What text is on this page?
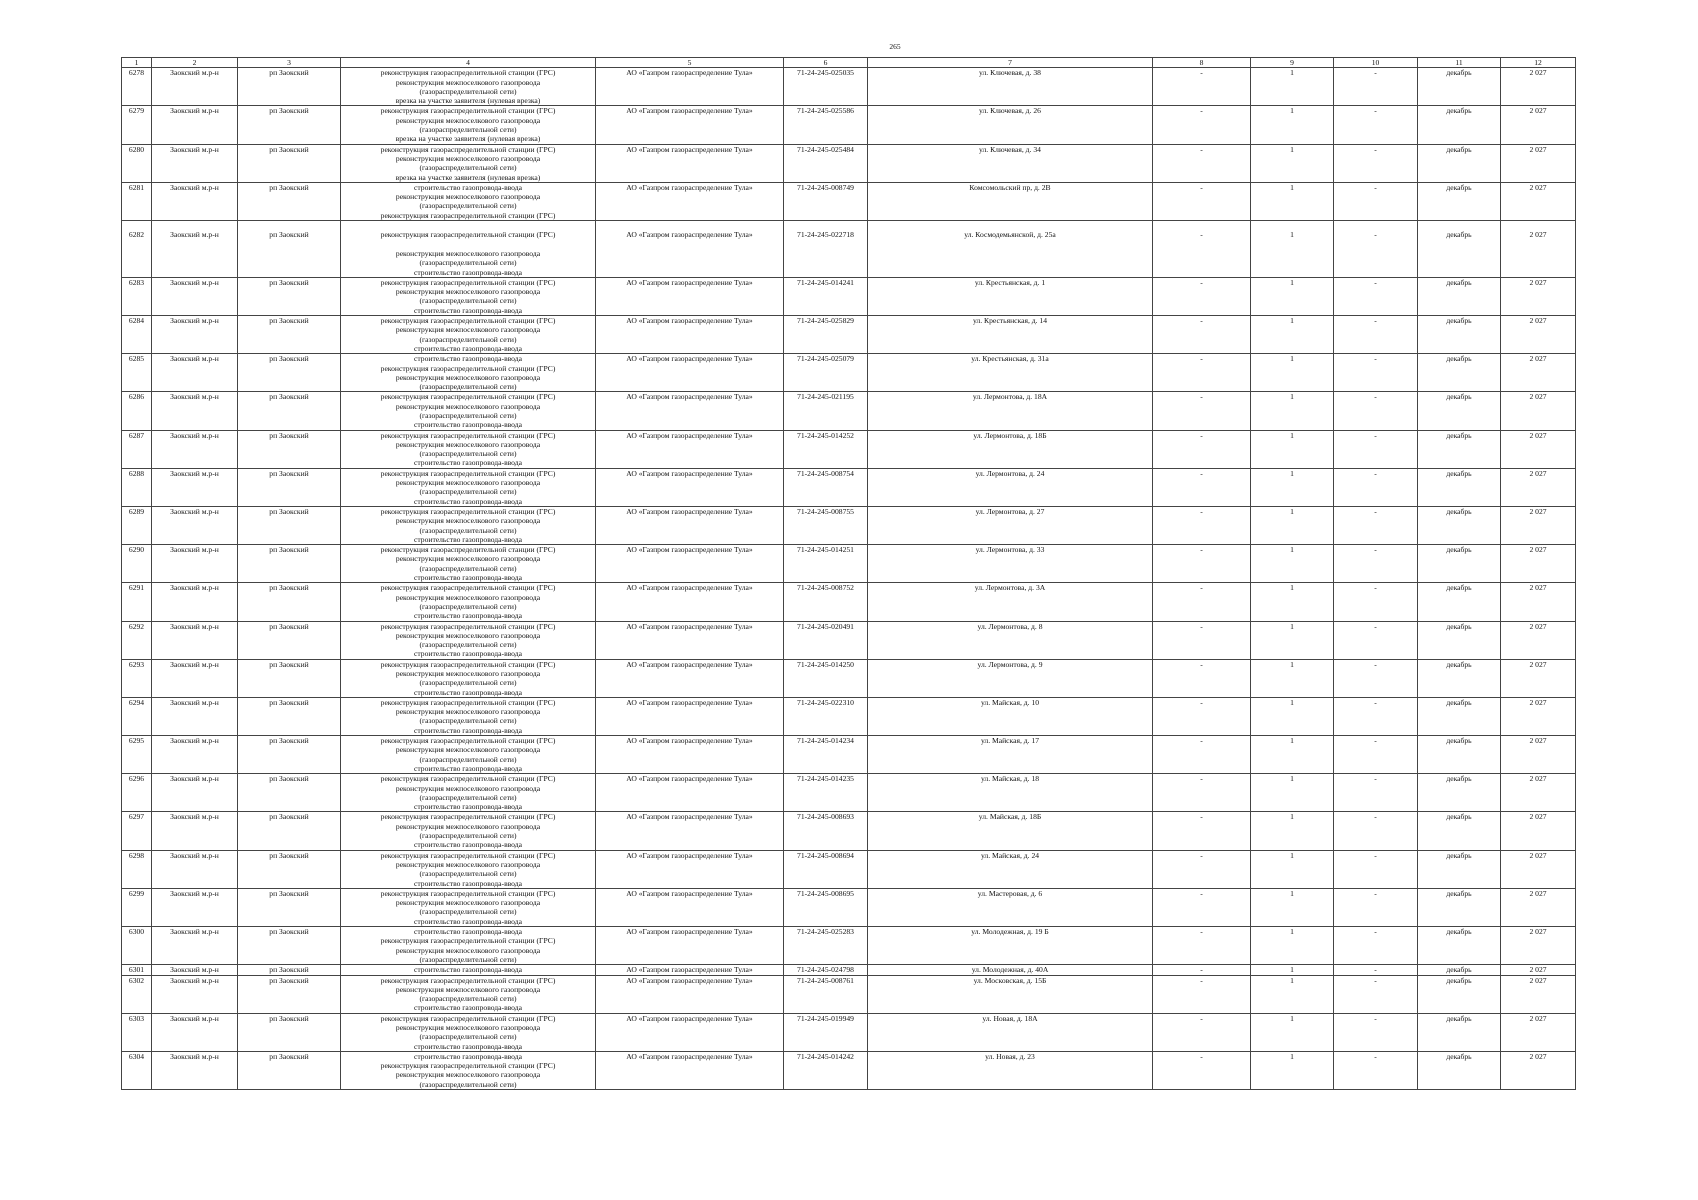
265
1	2	3	4	5	6	7	8	9	10	11	12
6278	Заокский м.р-н	рп Заокский	реконструкция газораспределительной станции (ГРС)	АО «Газпром газораспределение Тула»	71-24-245-025035	ул. Ключевая, д. 38	-	1	-	декабрь	2 027
			реконструкция межпоселкового газопровода								
			(газораспределительной сети)								
			врезка на участке заявителя (нулевая врезка)								
6279	Заокский м.р-н	рп Заокский	реконструкция газораспределительной станции (ГРС)	АО «Газпром газораспределение Тула»	71-24-245-025586	ул. Ключевая, д. 26	-	1	-	декабрь	2 027
			реконструкция межпоселкового газопровода								
			(газораспределительной сети)								
			врезка на участке заявителя (нулевая врезка)								
6280	Заокский м.р-н	рп Заокский	реконструкция газораспределительной станции (ГРС)	АО «Газпром газораспределение Тула»	71-24-245-025484	ул. Ключевая, д. 34	-	1	-	декабрь	2 027
			реконструкция межпоселкового газопровода								
			(газораспределительной сети)								
			врезка на участке заявителя (нулевая врезка)								
6281	Заокский м.р-н	рп Заокский	строительство газопровода-ввода	АО «Газпром газораспределение Тула»	71-24-245-008749	Комсомольский пр, д. 2В	-	1	-	декабрь	2 027
			реконструкция межпоселкового газопровода								
			(газораспределительной сети)								
			реконструкция газораспределительной станции (ГРС)								

6282	Заокский м.р-н	рп Заокский	реконструкция газораспределительной станции (ГРС)	АО «Газпром газораспределение Тула»	71-24-245-022718	ул. Космодемьянской, д. 25а	-	1	-	декабрь	2 027

			реконструкция межпоселкового газопровода								
			(газораспределительной сети)								
			строительство газопровода-ввода								
6283	Заокский м.р-н	рп Заокский	реконструкция газораспределительной станции (ГРС)	АО «Газпром газораспределение Тула»	71-24-245-014241	ул. Крестьянская, д. 1	-	1	-	декабрь	2 027
			реконструкция межпоселкового газопровода								
			(газораспределительной сети)								
			строительство газопровода-ввода								
6284	Заокский м.р-н	рп Заокский	реконструкция газораспределительной станции (ГРС)	АО «Газпром газораспределение Тула»	71-24-245-025829	ул. Крестьянская, д. 14	-	1	-	декабрь	2 027
			реконструкция межпоселкового газопровода								
			(газораспределительной сети)								
			строительство газопровода-ввода								
6285	Заокский м.р-н	рп Заокский	строительство газопровода-ввода	АО «Газпром газораспределение Тула»	71-24-245-025079	ул. Крестьянская, д. 31а	-	1	-	декабрь	2 027
			реконструкция газораспределительной станции (ГРС)								
			реконструкция межпоселкового газопровода								
			(газораспределительной сети)								
6286	Заокский м.р-н	рп Заокский	реконструкция газораспределительной станции (ГРС)	АО «Газпром газораспределение Тула»	71-24-245-021195	ул. Лермонтова, д. 18А	-	1	-	декабрь	2 027
			реконструкция межпоселкового газопровода								
			(газораспределительной сети)								
			строительство газопровода-ввода								
6287	Заокский м.р-н	рп Заокский	реконструкция газораспределительной станции (ГРС)	АО «Газпром газораспределение Тула»	71-24-245-014252	ул. Лермонтова, д. 18Б	-	1	-	декабрь	2 027
			реконструкция межпоселкового газопровода								
			(газораспределительной сети)								
			строительство газопровода-ввода								
6288	Заокский м.р-н	рп Заокский	реконструкция газораспределительной станции (ГРС)	АО «Газпром газораспределение Тула»	71-24-245-008754	ул. Лермонтова, д. 24	-	1	-	декабрь	2 027
			реконструкция межпоселкового газопровода								
			(газораспределительной сети)								
			строительство газопровода-ввода								
6289	Заокский м.р-н	рп Заокский	реконструкция газораспределительной станции (ГРС)	АО «Газпром газораспределение Тула»	71-24-245-008755	ул. Лермонтова, д. 27	-	1	-	декабрь	2 027
			реконструкция межпоселкового газопровода								
			(газораспределительной сети)								
			строительство газопровода-ввода								
6290	Заокский м.р-н	рп Заокский	реконструкция газораспределительной станции (ГРС)	АО «Газпром газораспределение Тула»	71-24-245-014251	ул. Лермонтова, д. 33	-	1	-	декабрь	2 027
			реконструкция межпоселкового газопровода								
			(газораспределительной сети)								
			строительство газопровода-ввода								
6291	Заокский м.р-н	рп Заокский	реконструкция газораспределительной станции (ГРС)	АО «Газпром газораспределение Тула»	71-24-245-008752	ул. Лермонтова, д. 3А	-	1	-	декабрь	2 027
			реконструкция межпоселкового газопровода								
			(газораспределительной сети)								
			строительство газопровода-ввода								
6292	Заокский м.р-н	рп Заокский	реконструкция газораспределительной станции (ГРС)	АО «Газпром газораспределение Тула»	71-24-245-020491	ул. Лермонтова, д. 8	-	1	-	декабрь	2 027
			реконструкция межпоселкового газопровода								
			(газораспределительной сети)								
			строительство газопровода-ввода								
6293	Заокский м.р-н	рп Заокский	реконструкция газораспределительной станции (ГРС)	АО «Газпром газораспределение Тула»	71-24-245-014250	ул. Лермонтова, д. 9	-	1	-	декабрь	2 027
			реконструкция межпоселкового газопровода								
			(газораспределительной сети)								
			строительство газопровода-ввода								
6294	Заокский м.р-н	рп Заокский	реконструкция газораспределительной станции (ГРС)	АО «Газпром газораспределение Тула»	71-24-245-022310	ул. Майская, д. 10	-	1	-	декабрь	2 027
			реконструкция межпоселкового газопровода								
			(газораспределительной сети)								
			строительство газопровода-ввода								
6295	Заокский м.р-н	рп Заокский	реконструкция газораспределительной станции (ГРС)	АО «Газпром газораспределение Тула»	71-24-245-014234	ул. Майская, д. 17	-	1	-	декабрь	2 027
			реконструкция межпоселкового газопровода								
			(газораспределительной сети)								
			строительство газопровода-ввода								
6296	Заокский м.р-н	рп Заокский	реконструкция газораспределительной станции (ГРС)	АО «Газпром газораспределение Тула»	71-24-245-014235	ул. Майская, д. 18	-	1	-	декабрь	2 027
			реконструкция межпоселкового газопровода								
			(газораспределительной сети)								
			строительство газопровода-ввода								
6297	Заокский м.р-н	рп Заокский	реконструкция газораспределительной станции (ГРС)	АО «Газпром газораспределение Тула»	71-24-245-008693	ул. Майская, д. 18Б	-	1	-	декабрь	2 027
			реконструкция межпоселкового газопровода								
			(газораспределительной сети)								
			строительство газопровода-ввода								
6298	Заокский м.р-н	рп Заокский	реконструкция газораспределительной станции (ГРС)	АО «Газпром газораспределение Тула»	71-24-245-008694	ул. Майская, д. 24	-	1	-	декабрь	2 027
			реконструкция межпоселкового газопровода								
			(газораспределительной сети)								
			строительство газопровода-ввода								
6299	Заокский м.р-н	рп Заокский	реконструкция газораспределительной станции (ГРС)	АО «Газпром газораспределение Тула»	71-24-245-008695	ул. Мастеровая, д. 6	-	1	-	декабрь	2 027
			реконструкция межпоселкового газопровода								
			(газораспределительной сети)								
			строительство газопровода-ввода								
6300	Заокский м.р-н	рп Заокский	строительство газопровода-ввода	АО «Газпром газораспределение Тула»	71-24-245-025283	ул. Молодежная, д. 19 Б	-	1	-	декабрь	2 027
			реконструкция газораспределительной станции (ГРС)								
			реконструкция межпоселкового газопровода								
			(газораспределительной сети)								
6301	Заокский м.р-н	рп Заокский	строительство газопровода-ввода	АО «Газпром газораспределение Тула»	71-24-245-024798	ул. Молодежная, д. 40А	-	1	-	декабрь	2 027
6302	Заокский м.р-н	рп Заокский	реконструкция газораспределительной станции (ГРС)	АО «Газпром газораспределение Тула»	71-24-245-008761	ул. Московская, д. 15Б	-	1	-	декабрь	2 027
			реконструкция межпоселкового газопровода								
			(газораспределительной сети)								
			строительство газопровода-ввода								
6303	Заокский м.р-н	рп Заокский	реконструкция газораспределительной станции (ГРС)	АО «Газпром газораспределение Тула»	71-24-245-019949	ул. Новая, д. 18А	-	1	-	декабрь	2 027
			реконструкция межпоселкового газопровода								
			(газораспределительной сети)								
			строительство газопровода-ввода								
6304	Заокский м.р-н	рп Заокский	строительство газопровода-ввода	АО «Газпром газораспределение Тула»	71-24-245-014242	ул. Новая, д. 23	-	1	-	декабрь	2 027
			реконструкция газораспределительной станции (ГРС)								
			реконструкция межпоселкового газопровода								
			(газораспределительной сети)								
